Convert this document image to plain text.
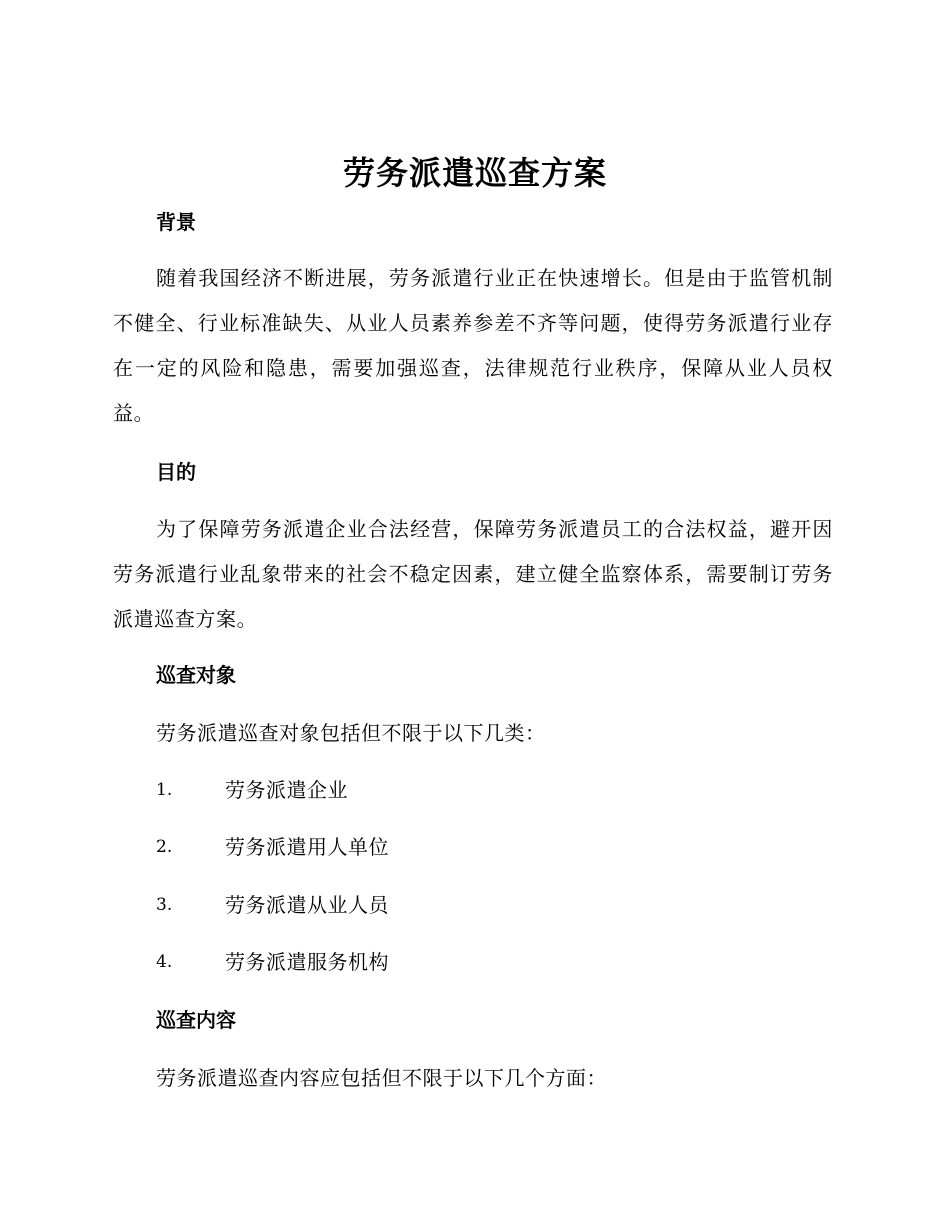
劳务派遣巡查方案
背景
随着我国经济不断进展，劳务派遣行业正在快速增长。但是由于监管机制不健全、行业标准缺失、从业人员素养参差不齐等问题，使得劳务派遣行业存在一定的风险和隐患，需要加强巡查，法律规范行业秩序，保障从业人员权益。
目的
为了保障劳务派遣企业合法经营，保障劳务派遣员工的合法权益，避开因劳务派遣行业乱象带来的社会不稳定因素，建立健全监察体系，需要制订劳务派遣巡查方案。
巡查对象
劳务派遣巡查对象包括但不限于以下几类：
1.	劳务派遣企业
2.	劳务派遣用人单位
3.	劳务派遣从业人员
4.	劳务派遣服务机构
巡查内容
劳务派遣巡查内容应包括但不限于以下几个方面：
